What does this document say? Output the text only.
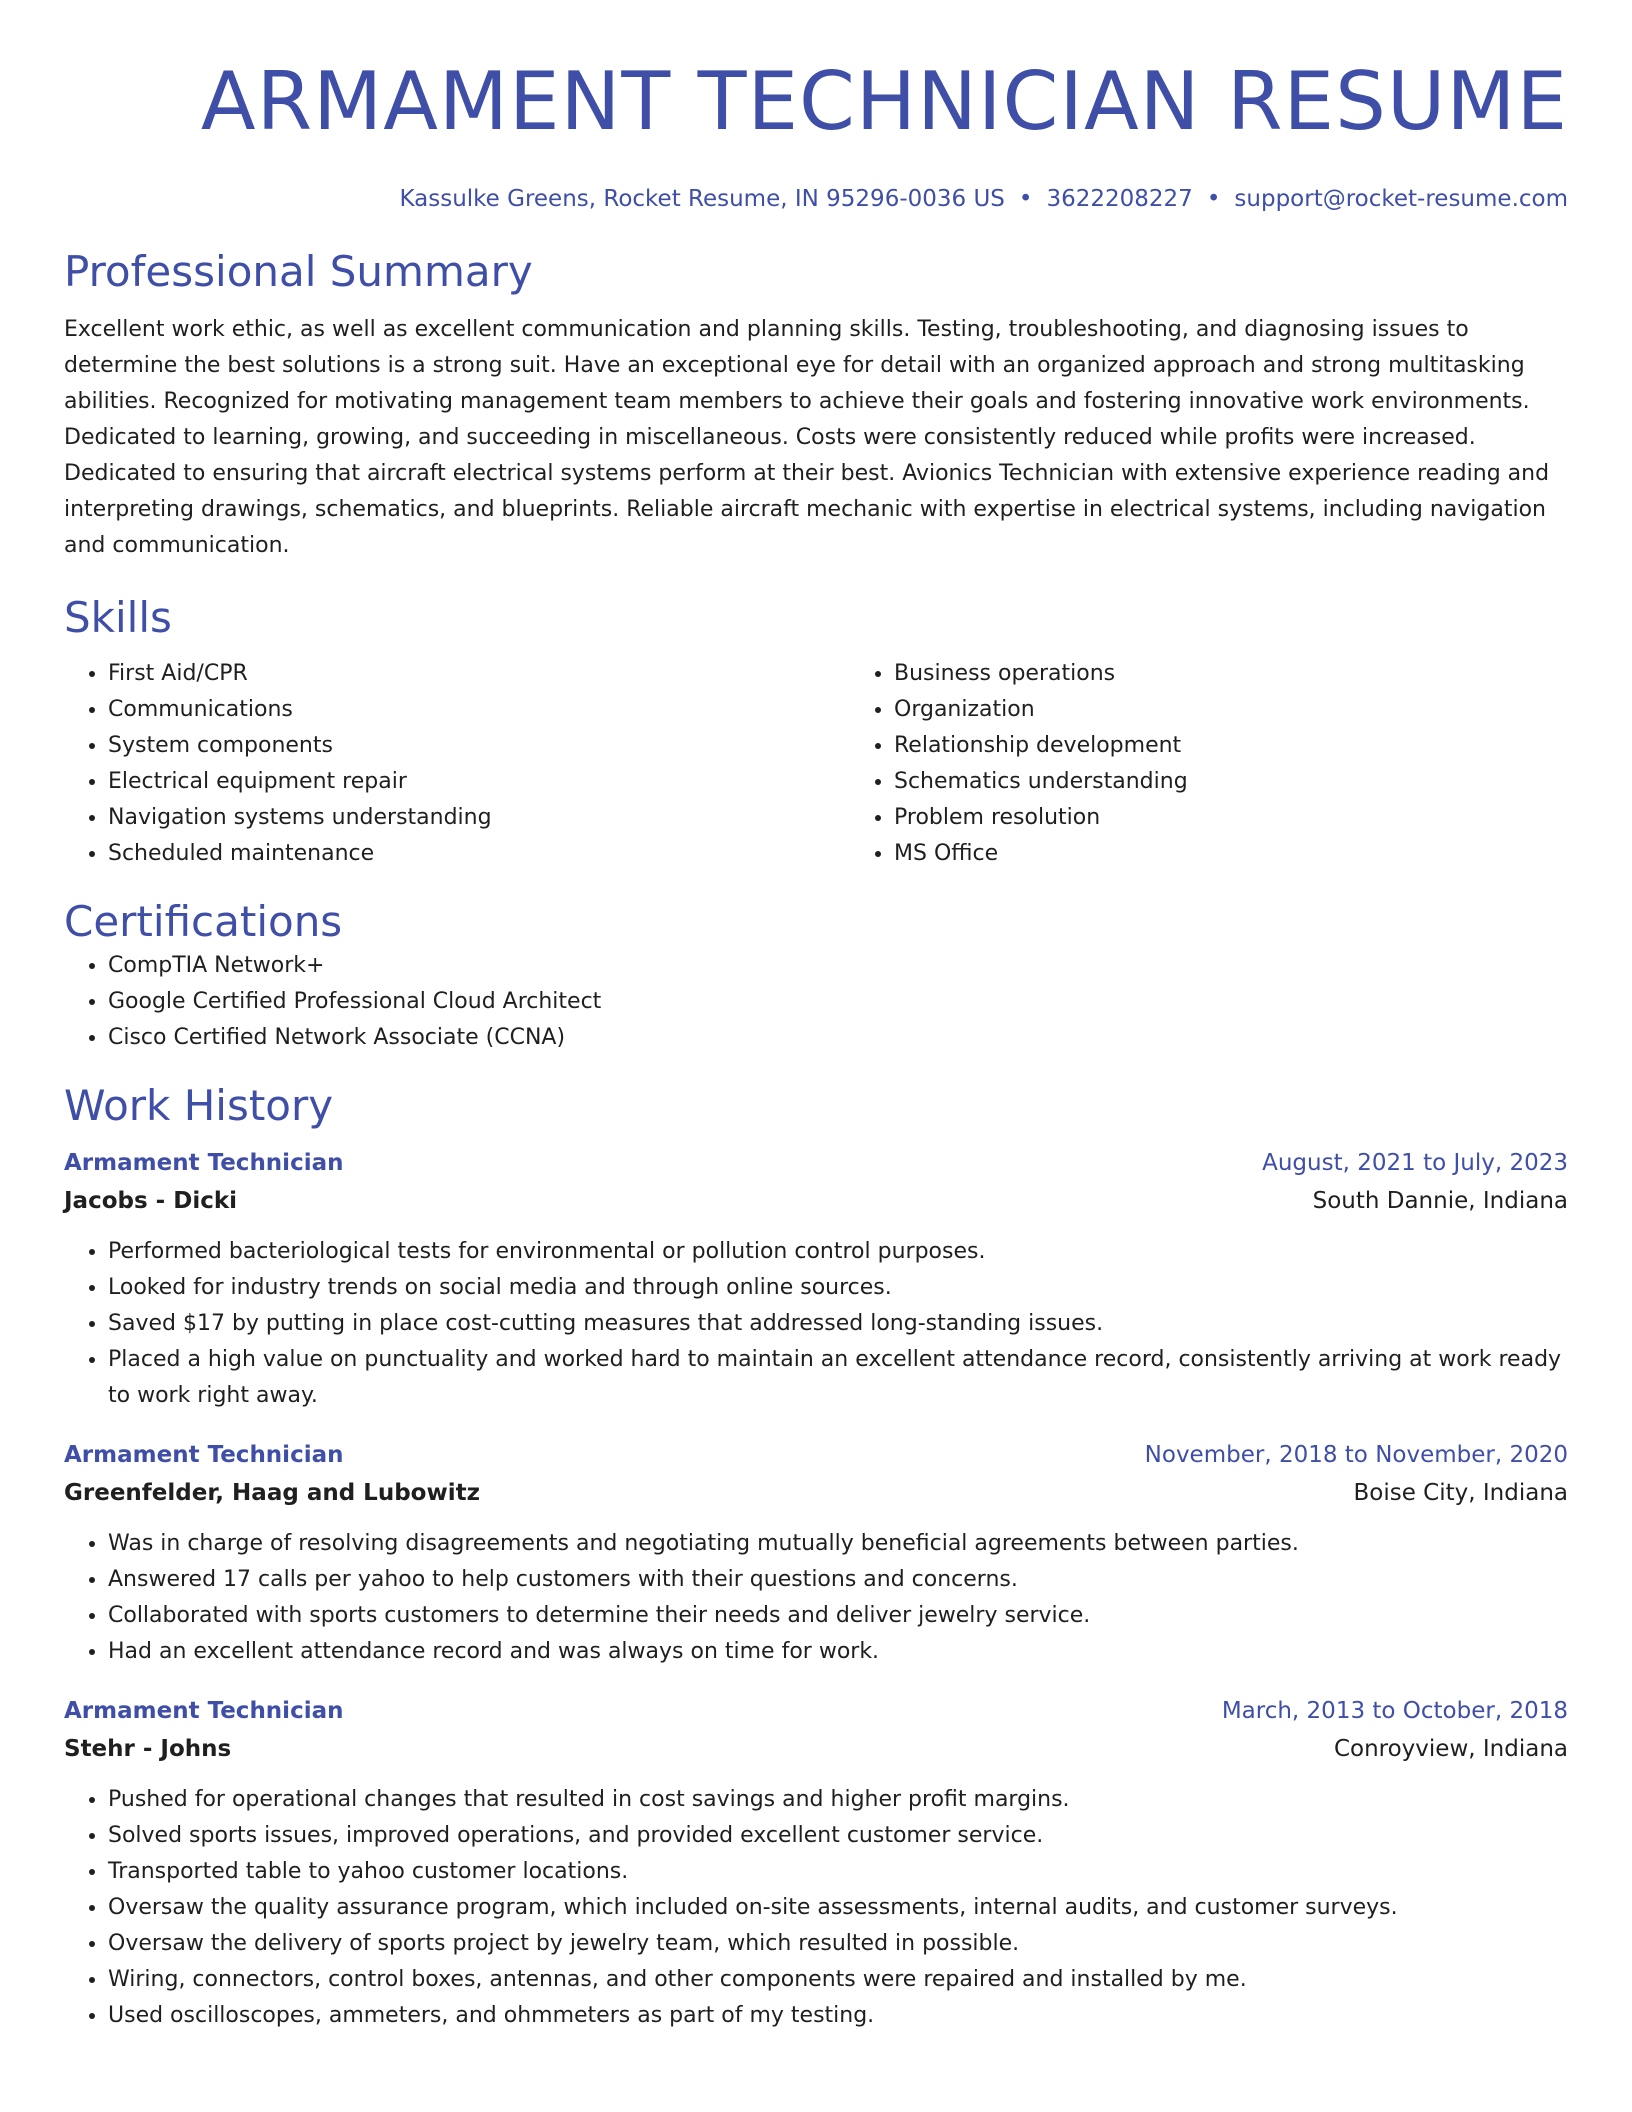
ARMAMENT TECHNICIAN RESUME
Kassulke Greens, Rocket Resume, IN 95296-0036 US • 3622208227 • support@rocket-resume.com
Professional Summary

Excellent work ethic, as well as excellent communication and planning skills. Testing, troubleshooting, and diagnosing issues to determine the best solutions is a strong suit. Have an exceptional eye for detail with an organized approach and strong multitasking abilities. Recognized for motivating management team members to achieve their goals and fostering innovative work environments. Dedicated to learning, growing, and succeeding in miscellaneous. Costs were consistently reduced while profits were increased. Dedicated to ensuring that aircraft electrical systems perform at their best. Avionics Technician with extensive experience reading and interpreting drawings, schematics, and blueprints. Reliable aircraft mechanic with expertise in electrical systems, including navigation and communication.

Skills
• First Aid/CPR
• Communications
• System components
• Electrical equipment repair
• Navigation systems understanding
• Scheduled maintenance
• Business operations
• Organization
• Relationship development
• Schematics understanding
• Problem resolution
• MS Office
Certifications
• CompTIA Network+
• Google Certified Professional Cloud Architect
• Cisco Certified Network Associate (CCNA)
Work History
Armament Technician	August, 2021 to July, 2023
Jacobs - Dicki	South Dannie, Indiana
• Performed bacteriological tests for environmental or pollution control purposes.
• Looked for industry trends on social media and through online sources.
• Saved $17 by putting in place cost-cutting measures that addressed long-standing issues.
• Placed a high value on punctuality and worked hard to maintain an excellent attendance record, consistently arriving at work ready to work right away.
Armament Technician	November, 2018 to November, 2020
Greenfelder, Haag and Lubowitz	Boise City, Indiana
• Was in charge of resolving disagreements and negotiating mutually beneficial agreements between parties.
• Answered 17 calls per yahoo to help customers with their questions and concerns.
• Collaborated with sports customers to determine their needs and deliver jewelry service.
• Had an excellent attendance record and was always on time for work.
Armament Technician	March, 2013 to October, 2018
Stehr - Johns	Conroyview, Indiana
• Pushed for operational changes that resulted in cost savings and higher profit margins.
• Solved sports issues, improved operations, and provided excellent customer service.
• Transported table to yahoo customer locations.
• Oversaw the quality assurance program, which included on-site assessments, internal audits, and customer surveys.
• Oversaw the delivery of sports project by jewelry team, which resulted in possible.
• Wiring, connectors, control boxes, antennas, and other components were repaired and installed by me.
• Used oscilloscopes, ammeters, and ohmmeters as part of my testing.
